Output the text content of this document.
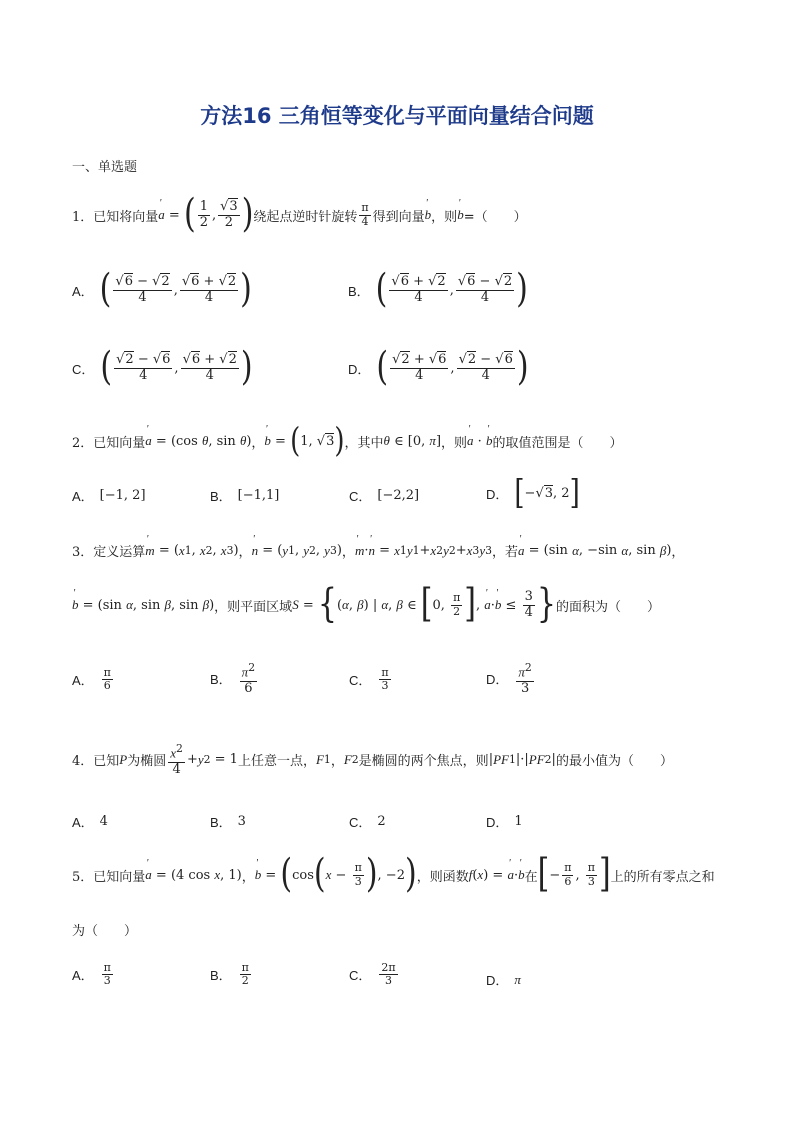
方法16 三角恒等变化与平面向量结合问题
一、单选题
1． 已知将向量 ' a = ( $\frac{1}{2}$ , $\frac{√3}{2}$ ) 绕起点逆时针旋转 $\frac{\pi}{4}$ 得到向量 ' b ，则 ' b =（　　）
A． ( $\frac{√6 - √2}{4}$ , $\frac{√6 + √2}{4}$ )	B． ( $\frac{√6 + √2}{4}$ , $\frac{√6 - √2}{4}$ )
C． ( $\frac{√2 - √6}{4}$ , $\frac{√6 + √2}{4}$ )	D． ( $\frac{√2 + √6}{4}$ , $\frac{√2 - √6}{4}$ )
2． 已知向量 ' a = (cos θ , sin θ ) ， ' b = ( 1, √ 3 ) ，其中 θ ∈ [0, π ] ，则 ' a · ' b 的取值范围是（　　）
A． [−1, 2]	B． [−1,1]	C． [−2,2]	D． [ −√ 3 , 2 ]
3． 定义运算 ' m = ( x 1 , x 2 , x 3 ) ， ' n = ( y 1 , y 2 , y 3 ) ， ' m · ' n = x 1 y 1 + x 2 y 2 + x 3 y 3 ，若 ' a = (sin α , −sin α , sin β ) ，
' b = (sin α , sin β , sin β ) ，则平面区域 S = { ( α , β ) | α , β ∈ [ 0, $\frac{\pi}{2}$ ] , ' a · ' $b \le \frac{3}{4}$ } 的面积为（　　）
A． $\frac{\pi}{6}$	B． $\frac{\pi^2}{6}$	C． $\frac{\pi}{3}$	D． $\frac{\pi^2}{3}$
4． 已知 P 为椭圆 $\frac{x^2}{4} + y$ 2 = 1 上任意一点， F 1 ， F 2 是椭圆的两个焦点，则 | PF 1 |·| PF 2 | 的最小值为（　　）
A． 4	B． 3	C． 2	D． 1
5． 已知向量 ' a = (4 cos x , 1) ， ' b = ( cos ( $x - \frac{\pi}{3}$ ) , −2 ) ，则函数 f ( x ) = ' a · ' b 在 [ − $\frac{\pi}{6}$ , $\frac{\pi}{3}$ ] 上的所有零点之和
为（　　）
A． $\frac{\pi}{3}$	B． $\frac{\pi}{2}$	C． $\frac{2\pi}{3}$	D． π
